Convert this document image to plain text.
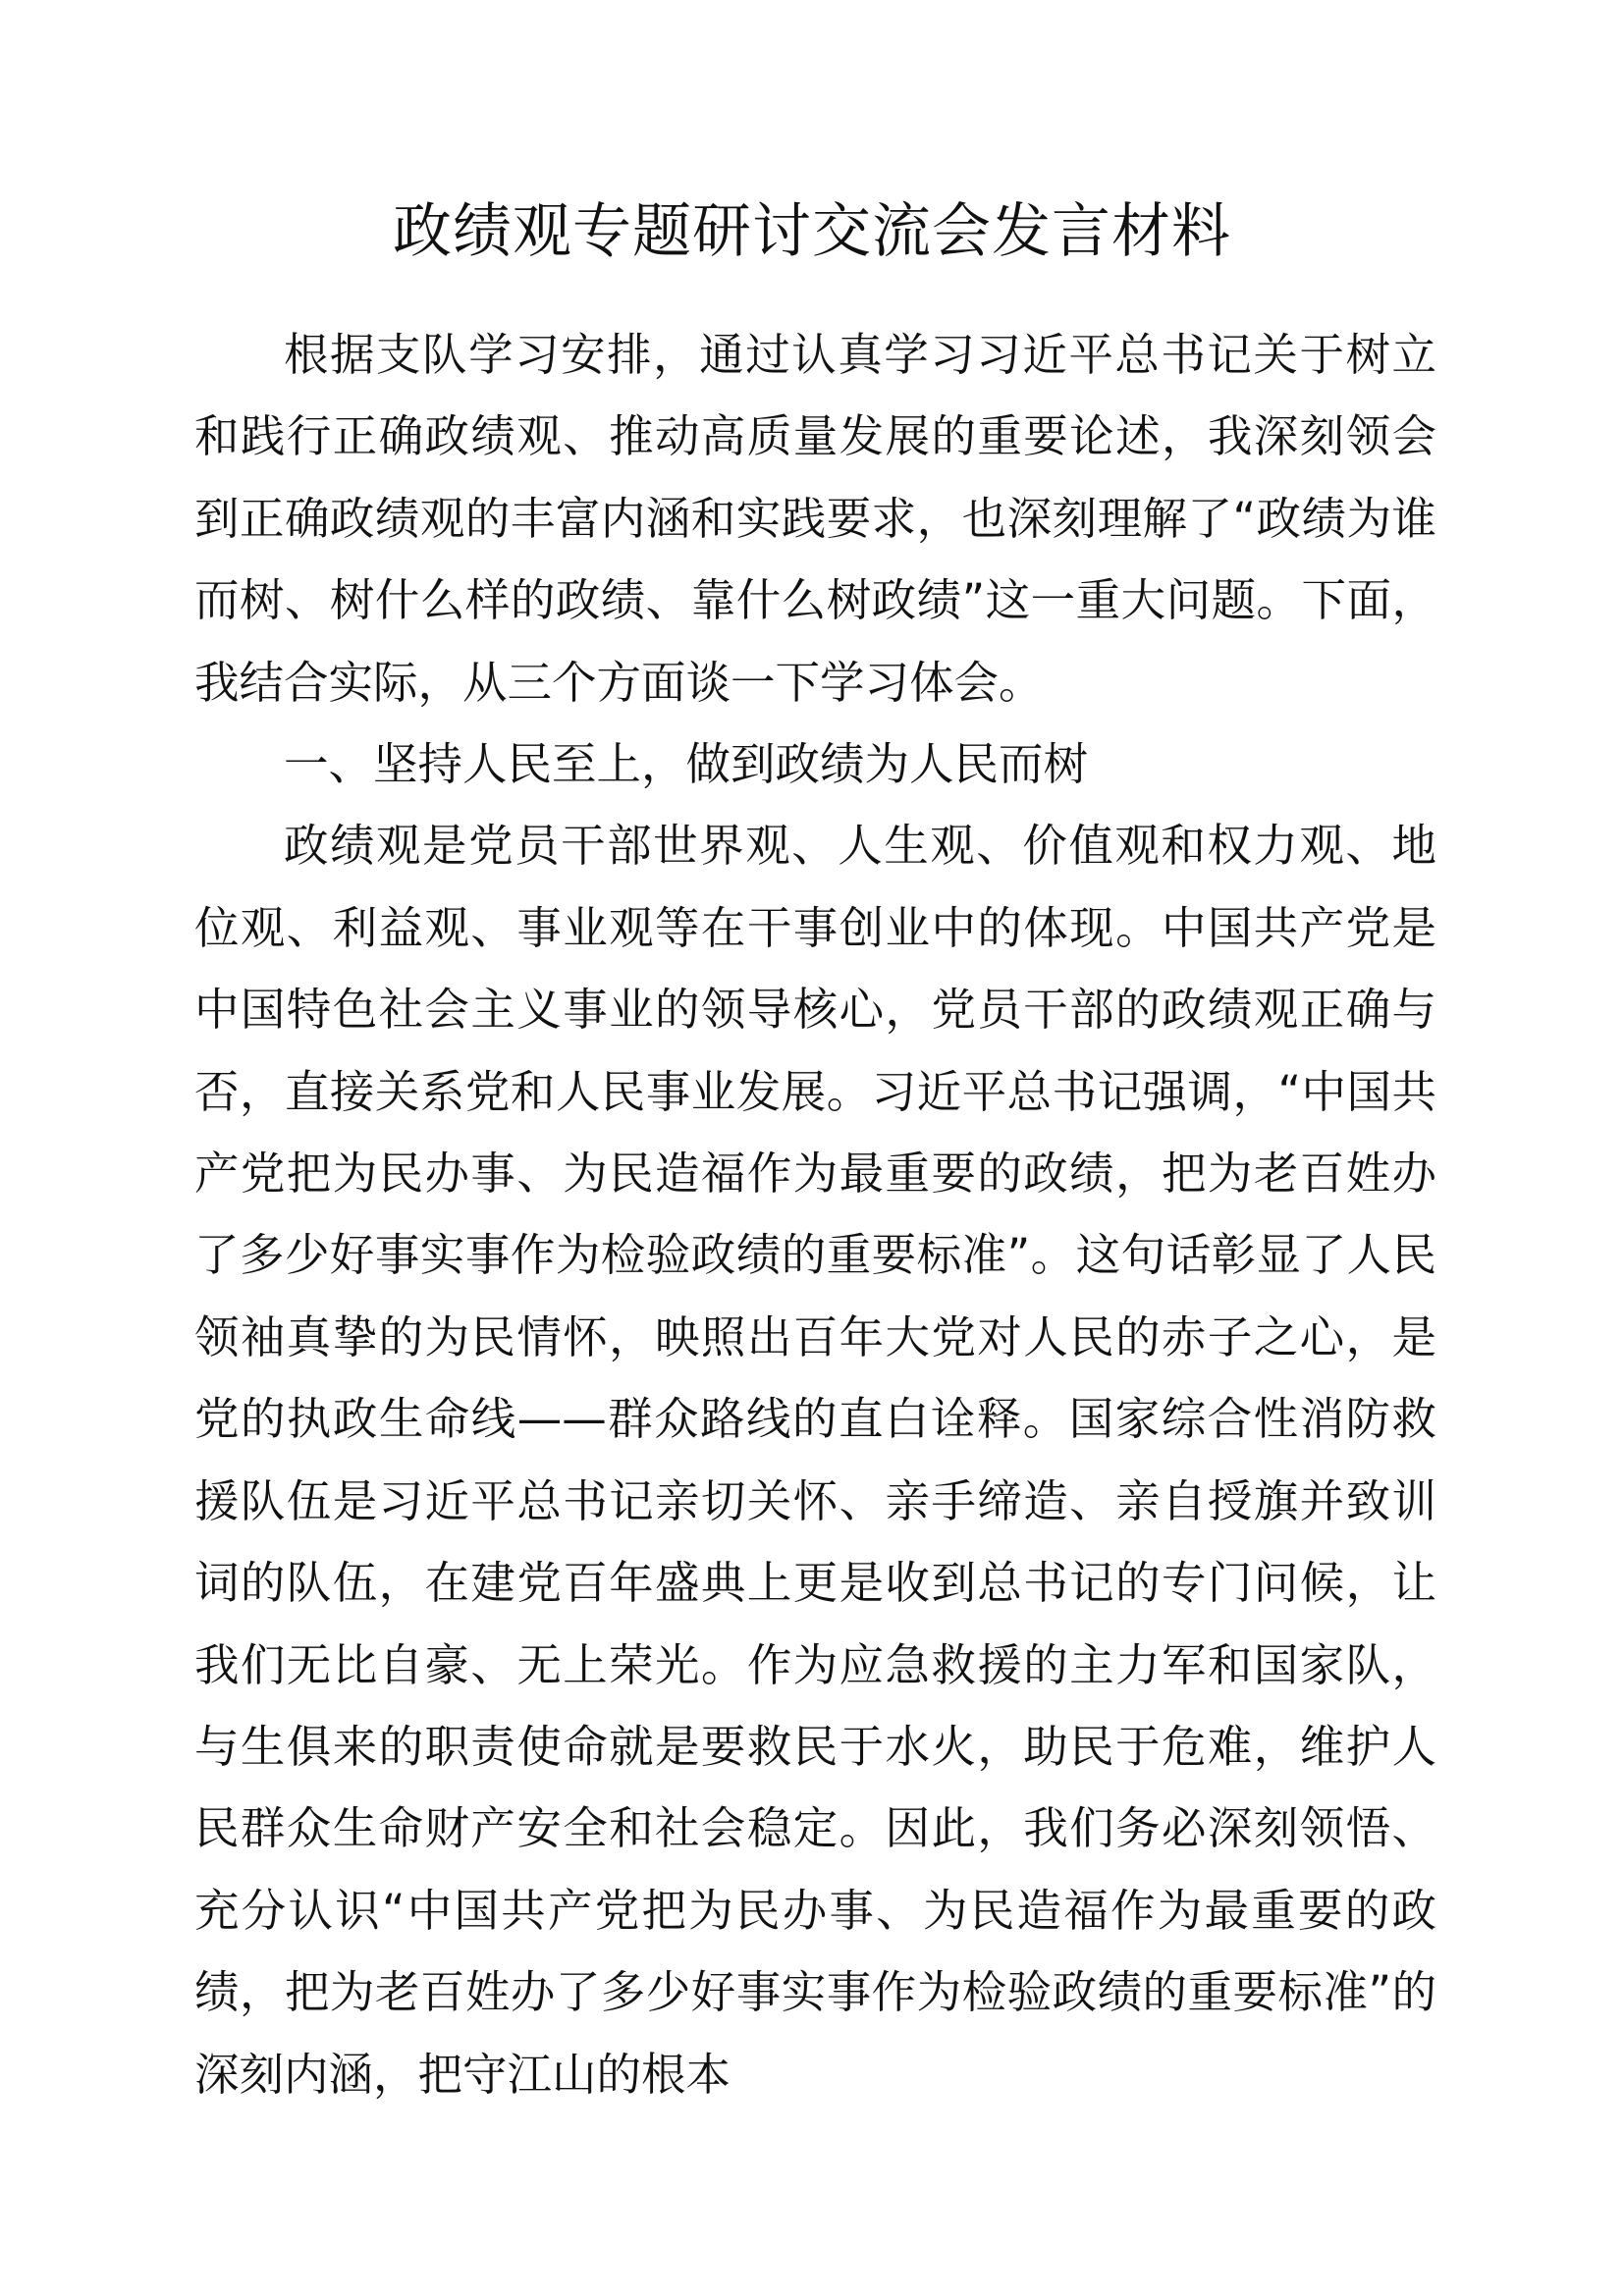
政绩观专题研讨交流会发言材料

根据支队学习安排，通过认真学习习近平总书记关于树立和践行正确政绩观、推动高质量发展的重要论述，我深刻领会到正确政绩观的丰富内涵和实践要求，也深刻理解了“政绩为谁而树、树什么样的政绩、靠什么树政绩”这一重大问题。下面，我结合实际，从三个方面谈一下学习体会。

一、坚持人民至上，做到政绩为人民而树

政绩观是党员干部世界观、人生观、价值观和权力观、地位观、利益观、事业观等在干事创业中的体现。中国共产党是中国特色社会主义事业的领导核心，党员干部的政绩观正确与否，直接关系党和人民事业发展。习近平总书记强调，“中国共产党把为民办事、为民造福作为最重要的政绩，把为老百姓办了多少好事实事作为检验政绩的重要标准”。这句话彰显了人民领袖真挚的为民情怀，映照出百年大党对人民的赤子之心，是党的执政生命线——群众路线的直白诠释。国家综合性消防救援队伍是习近平总书记亲切关怀、亲手缔造、亲自授旗并致训词的队伍，在建党百年盛典上更是收到总书记的专门问候，让我们无比自豪、无上荣光。作为应急救援的主力军和国家队，与生俱来的职责使命就是要救民于水火，助民于危难，维护人民群众生命财产安全和社会稳定。因此，我们务必深刻领悟、充分认识“中国共产党把为民办事、为民造福作为最重要的政绩，把为老百姓办了多少好事实事作为检验政绩的重要标准”的深刻内涵，把守江山的根本
